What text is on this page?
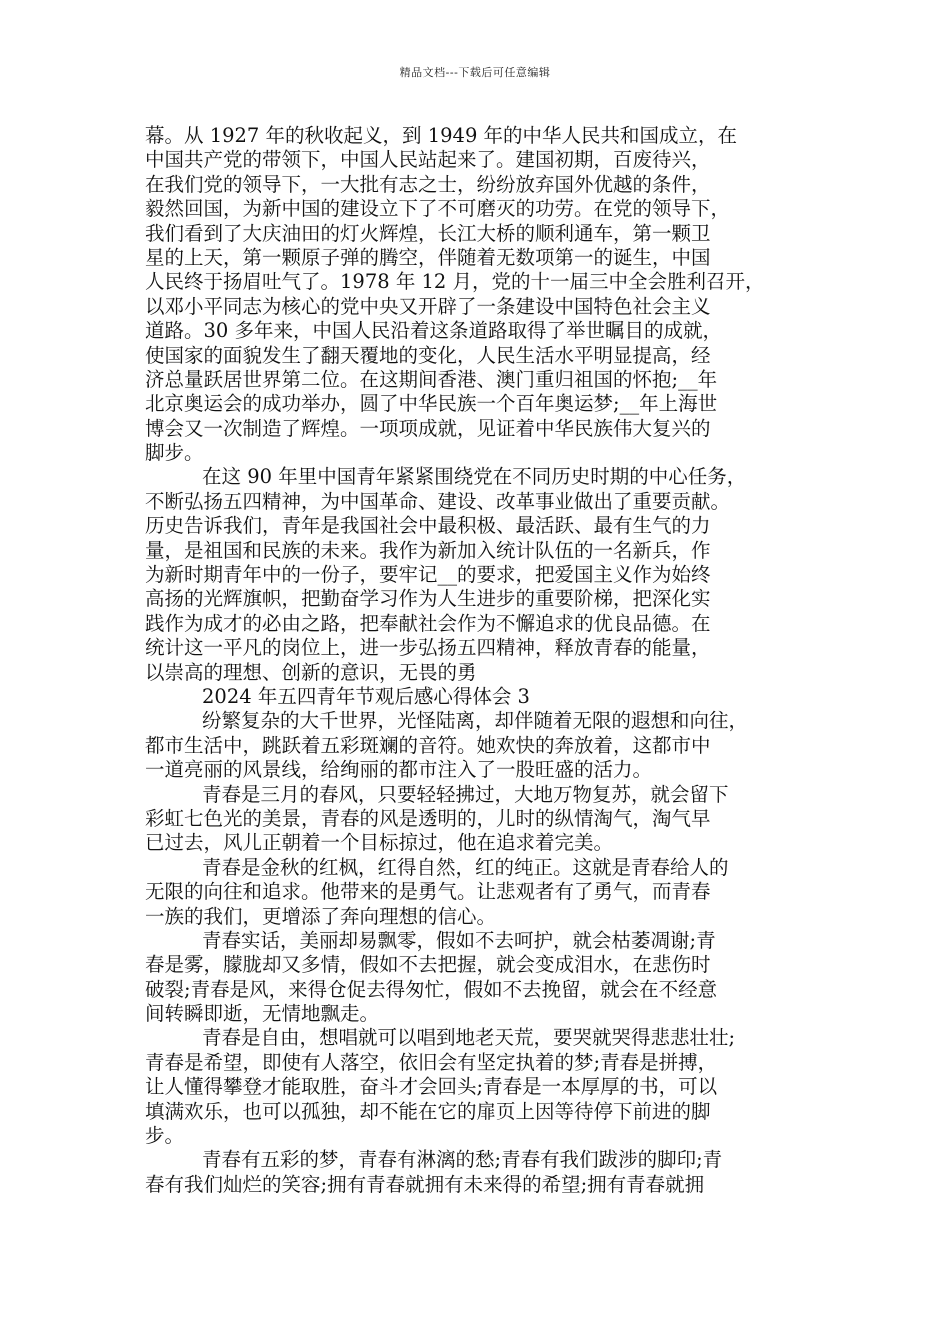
精品文档---下载后可任意编辑
幕。从 1927 年的秋收起义，到 1949 年的中华人民共和国成立，在
中国共产党的带领下，中国人民站起来了。建国初期，百废待兴，
在我们党的领导下，一大批有志之士，纷纷放弃国外优越的条件，
毅然回国，为新中国的建设立下了不可磨灭的功劳。在党的领导下，
我们看到了大庆油田的灯火辉煌，长江大桥的顺利通车，第一颗卫
星的上天，第一颗原子弹的腾空，伴随着无数项第一的诞生，中国
人民终于扬眉吐气了。1978 年 12 月，党的十一届三中全会胜利召开，
以邓小平同志为核心的党中央又开辟了一条建设中国特色社会主义
道路。30 多年来，中国人民沿着这条道路取得了举世瞩目的成就，
使国家的面貌发生了翻天覆地的变化，人民生活水平明显提高，经
济总量跃居世界第二位。在这期间香港、澳门重归祖国的怀抱;__年
北京奥运会的成功举办，圆了中华民族一个百年奥运梦;__年上海世
博会又一次制造了辉煌。一项项成就，见证着中华民族伟大复兴的
脚步。
在这 90 年里中国青年紧紧围绕党在不同历史时期的中心任务，
不断弘扬五四精神，为中国革命、建设、改革事业做出了重要贡献。
历史告诉我们，青年是我国社会中最积极、最活跃、最有生气的力
量，是祖国和民族的未来。我作为新加入统计队伍的一名新兵，作
为新时期青年中的一份子，要牢记__的要求，把爱国主义作为始终
高扬的光辉旗帜，把勤奋学习作为人生进步的重要阶梯，把深化实
践作为成才的必由之路，把奉献社会作为不懈追求的优良品德。在
统计这一平凡的岗位上，进一步弘扬五四精神，释放青春的能量，
以崇高的理想、创新的意识，无畏的勇
2024 年五四青年节观后感心得体会 3
纷繁复杂的大千世界，光怪陆离，却伴随着无限的遐想和向往，
都市生活中，跳跃着五彩斑斓的音符。她欢快的奔放着，这都市中
一道亮丽的风景线，给绚丽的都市注入了一股旺盛的活力。
青春是三月的春风，只要轻轻拂过，大地万物复苏，就会留下
彩虹七色光的美景，青春的风是透明的，儿时的纵情淘气，淘气早
已过去，风儿正朝着一个目标掠过，他在追求着完美。
青春是金秋的红枫，红得自然，红的纯正。这就是青春给人的
无限的向往和追求。他带来的是勇气。让悲观者有了勇气，而青春
一族的我们，更增添了奔向理想的信心。
青春实话，美丽却易飘零，假如不去呵护，就会枯萎凋谢;青
春是雾，朦胧却又多情，假如不去把握，就会变成泪水，在悲伤时
破裂;青春是风，来得仓促去得匆忙，假如不去挽留，就会在不经意
间转瞬即逝，无情地飘走。
青春是自由，想唱就可以唱到地老天荒，要哭就哭得悲悲壮壮;
青春是希望，即使有人落空，依旧会有坚定执着的梦;青春是拼搏，
让人懂得攀登才能取胜，奋斗才会回头;青春是一本厚厚的书，可以
填满欢乐，也可以孤独，却不能在它的扉页上因等待停下前进的脚
步。
青春有五彩的梦，青春有淋漓的愁;青春有我们跋涉的脚印;青
春有我们灿烂的笑容;拥有青春就拥有未来得的希望;拥有青春就拥
